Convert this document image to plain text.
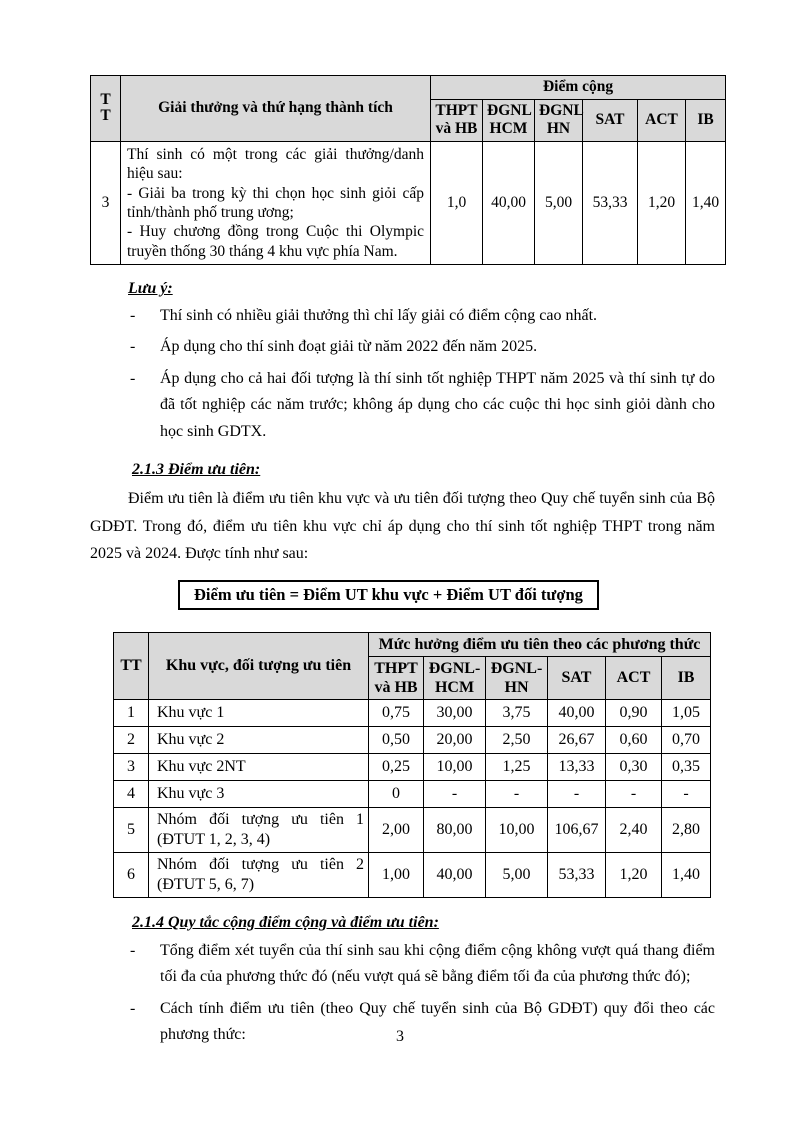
TT	Giải thưởng và thứ hạng thành tích	Điểm cộng					
		THPT và HB	ĐGNL HCM	ĐGNL HN	SAT	ACT	IB
3	Thí sinh có một trong các giải thưởng/danh hiệu sau:
- Giải ba trong kỳ thi chọn học sinh giỏi cấp tỉnh/thành phố trung ương;
- Huy chương đồng trong Cuộc thi Olympic truyền thống 30 tháng 4 khu vực phía Nam.	1,0	40,00	5,00	53,33	1,20	1,40
Lưu ý:
-	Thí sinh có nhiều giải thưởng thì chỉ lấy giải có điểm cộng cao nhất.
-	Áp dụng cho thí sinh đoạt giải từ năm 2022 đến năm 2025.
-	Áp dụng cho cả hai đối tượng là thí sinh tốt nghiệp THPT năm 2025 và thí sinh tự do đã tốt nghiệp các năm trước; không áp dụng cho các cuộc thi học sinh giỏi dành cho học sinh GDTX.
2.1.3 Điểm ưu tiên:
Điểm ưu tiên là điểm ưu tiên khu vực và ưu tiên đối tượng theo Quy chế tuyển sinh của Bộ GDĐT. Trong đó, điểm ưu tiên khu vực chỉ áp dụng cho thí sinh tốt nghiệp THPT trong năm 2025 và 2024. Được tính như sau:
Điểm ưu tiên = Điểm UT khu vực + Điểm UT đối tượng
TT	Khu vực, đối tượng ưu tiên	Mức hưởng điểm ưu tiên theo các phương thức					
		THPT và HB	ĐGNL-HCM	ĐGNL-HN	SAT	ACT	IB
1	Khu vực 1	0,75	30,00	3,75	40,00	0,90	1,05
2	Khu vực 2	0,50	20,00	2,50	26,67	0,60	0,70
3	Khu vực 2NT	0,25	10,00	1,25	13,33	0,30	0,35
4	Khu vực 3	0	-	-	-	-	-
5	Nhóm đối tượng ưu tiên 1 (ĐTUT 1, 2, 3, 4)	2,00	80,00	10,00	106,67	2,40	2,80
6	Nhóm đối tượng ưu tiên 2 (ĐTUT 5, 6, 7)	1,00	40,00	5,00	53,33	1,20	1,40
2.1.4 Quy tắc cộng điểm cộng và điểm ưu tiên:
-	Tổng điểm xét tuyển của thí sinh sau khi cộng điểm cộng không vượt quá thang điểm tối đa của phương thức đó (nếu vượt quá sẽ bằng điểm tối đa của phương thức đó);
-	Cách tính điểm ưu tiên (theo Quy chế tuyển sinh của Bộ GDĐT) quy đổi theo các phương thức:	3
